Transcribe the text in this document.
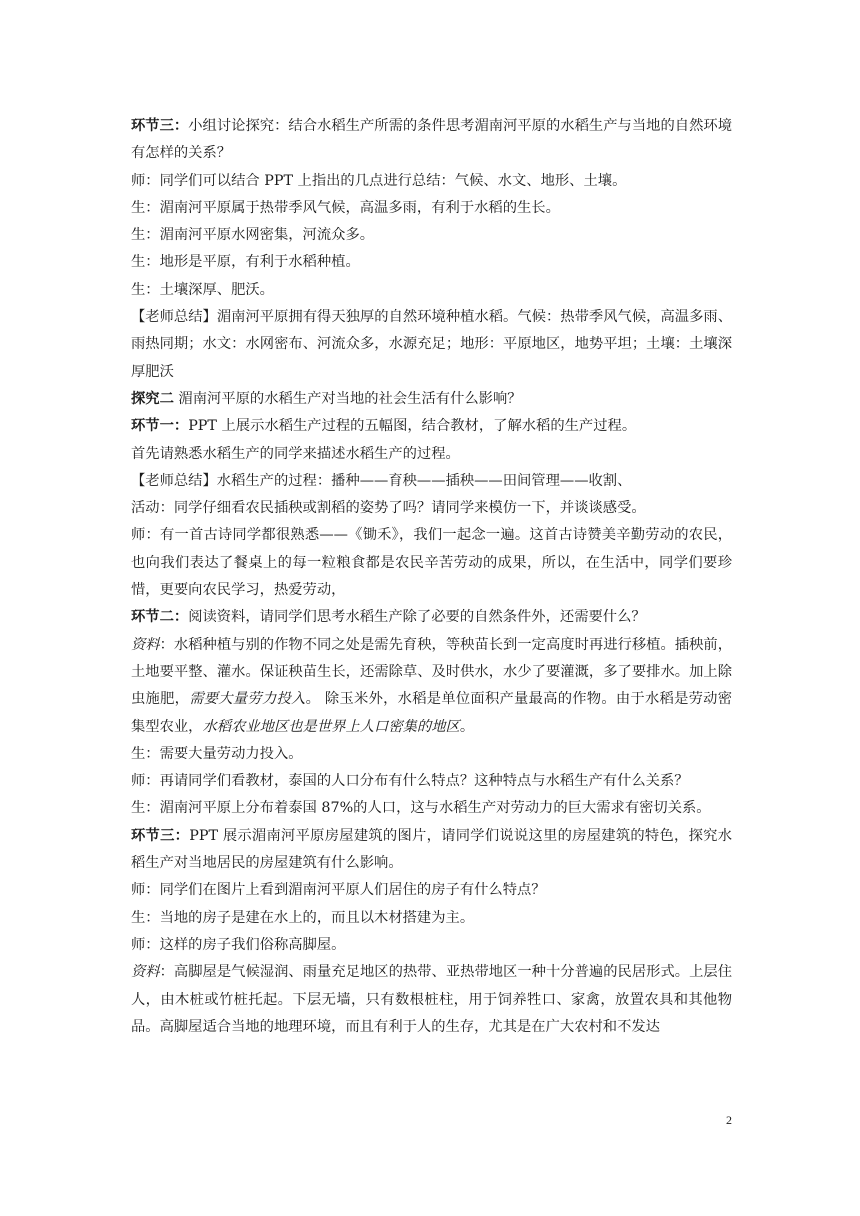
环节三：小组讨论探究：结合水稻生产所需的条件思考湄南河平原的水稻生产与当地的自然环境有怎样的关系？

师：同学们可以结合 PPT 上指出的几点进行总结：气候、水文、地形、土壤。

生：湄南河平原属于热带季风气候，高温多雨，有利于水稻的生长。

生：湄南河平原水网密集，河流众多。

生：地形是平原，有利于水稻种植。

生：土壤深厚、肥沃。

【老师总结】湄南河平原拥有得天独厚的自然环境种植水稻。气候：热带季风气候，高温多雨、雨热同期；水文：水网密布、河流众多，水源充足；地形：平原地区，地势平坦；土壤：土壤深厚肥沃

探究二 湄南河平原的水稻生产对当地的社会生活有什么影响？

环节一：PPT 上展示水稻生产过程的五幅图，结合教材，了解水稻的生产过程。

首先请熟悉水稻生产的同学来描述水稻生产的过程。

【老师总结】水稻生产的过程：播种——育秧——插秧——田间管理——收割、

活动：同学仔细看农民插秧或割稻的姿势了吗？请同学来模仿一下，并谈谈感受。

师：有一首古诗同学都很熟悉——《锄禾》，我们一起念一遍。这首古诗赞美辛勤劳动的农民，也向我们表达了餐桌上的每一粒粮食都是农民辛苦劳动的成果，所以，在生活中，同学们要珍惜，更要向农民学习，热爱劳动，

环节二：阅读资料，请同学们思考水稻生产除了必要的自然条件外，还需要什么？

资料：水稻种植与别的作物不同之处是需先育秧，等秧苗长到一定高度时再进行移植。插秧前，土地要平整、灌水。保证秧苗生长，还需除草、及时供水，水少了要灌溉，多了要排水。加上除虫施肥，需要大量劳力投入。 除玉米外，水稻是单位面积产量最高的作物。由于水稻是劳动密集型农业，水稻农业地区也是世界上人口密集的地区。

生：需要大量劳动力投入。

师：再请同学们看教材，泰国的人口分布有什么特点？这种特点与水稻生产有什么关系？

生：湄南河平原上分布着泰国 87%的人口，这与水稻生产对劳动力的巨大需求有密切关系。

环节三：PPT 展示湄南河平原房屋建筑的图片，请同学们说说这里的房屋建筑的特色，探究水稻生产对当地居民的房屋建筑有什么影响。

师：同学们在图片上看到湄南河平原人们居住的房子有什么特点？

生：当地的房子是建在水上的，而且以木材搭建为主。

师：这样的房子我们俗称高脚屋。

资料：高脚屋是气候湿润、雨量充足地区的热带、亚热带地区一种十分普遍的民居形式。上层住人，由木桩或竹桩托起。下层无墙，只有数根桩柱，用于饲养牲口、家禽，放置农具和其他物品。高脚屋适合当地的地理环境，而且有利于人的生存，尤其是在广大农村和不发达

2
